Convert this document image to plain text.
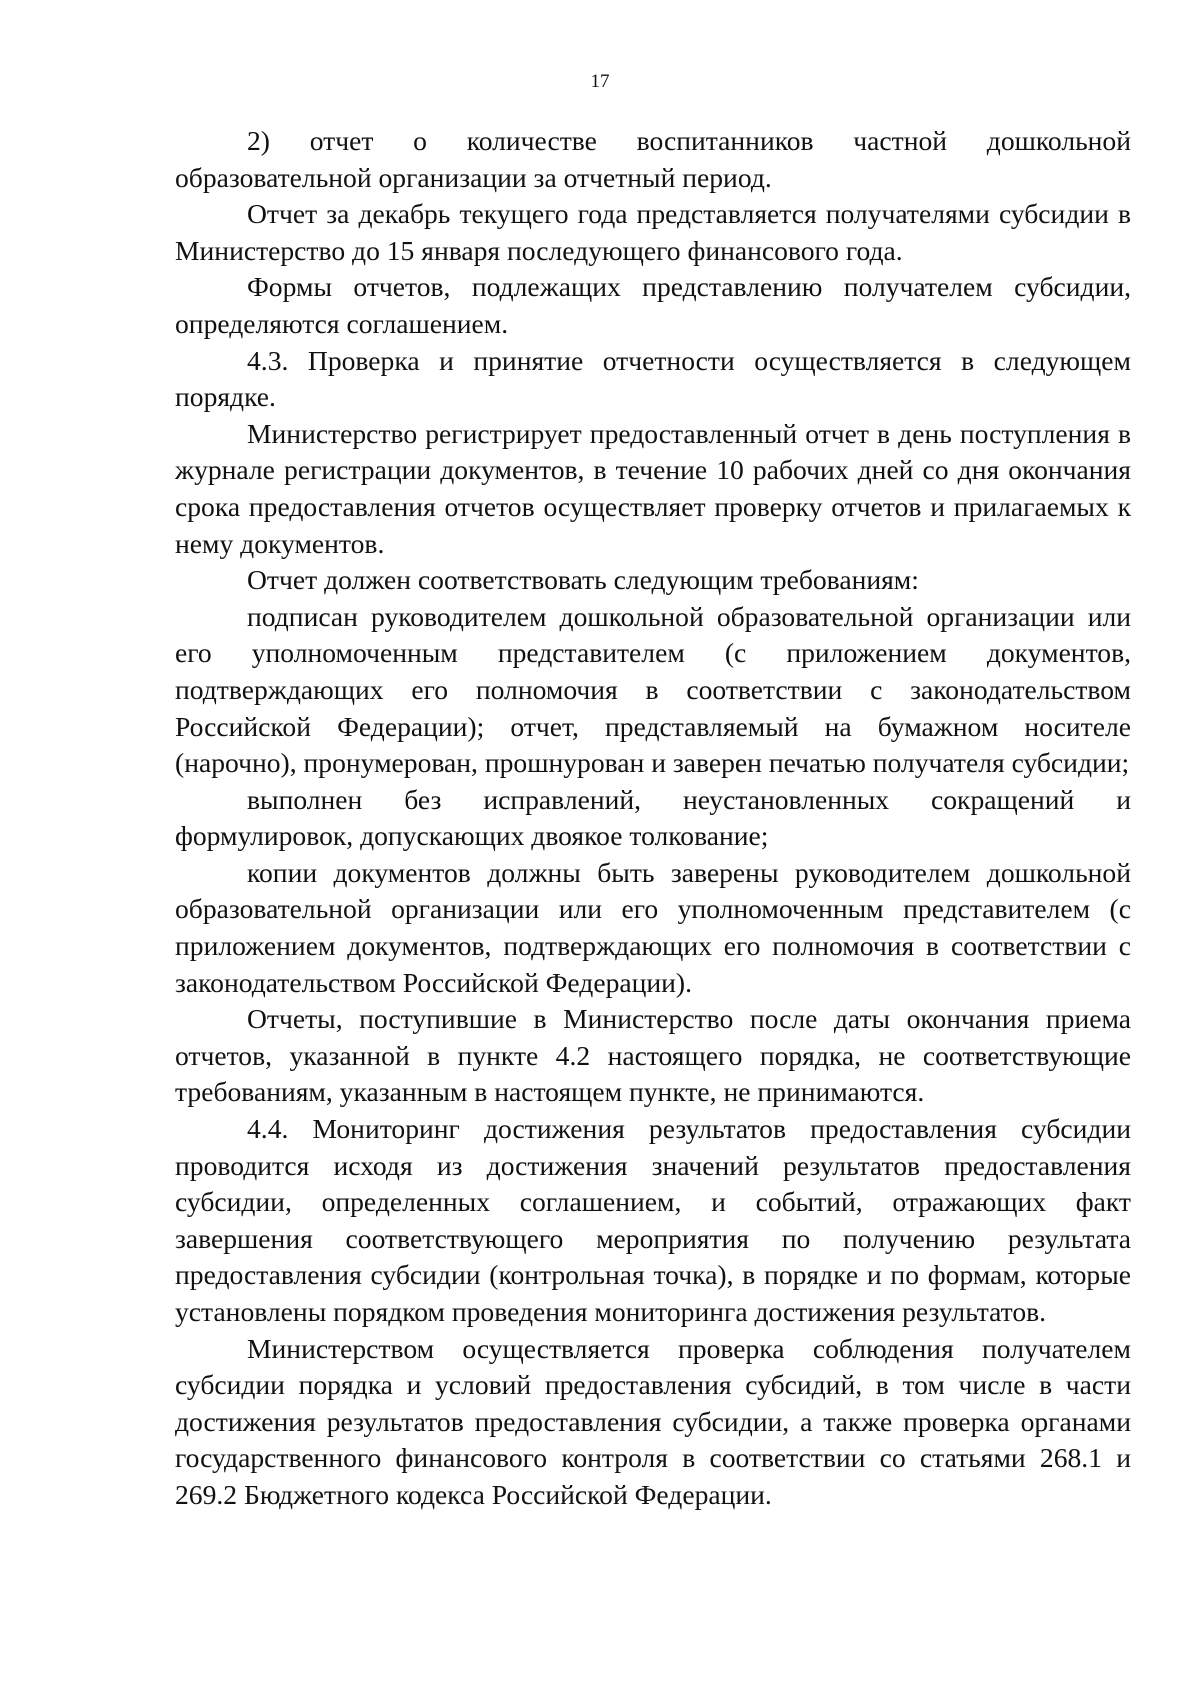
17

2) отчет о количестве воспитанников частной дошкольной образовательной организации за отчетный период.

Отчет за декабрь текущего года представляется получателями субсидии в Министерство до 15 января последующего финансового года.

Формы отчетов, подлежащих представлению получателем субсидии, определяются соглашением.

4.3. Проверка и принятие отчетности осуществляется в следующем порядке.

Министерство регистрирует предоставленный отчет в день поступления в журнале регистрации документов, в течение 10 рабочих дней со дня окончания срока предоставления отчетов осуществляет проверку отчетов и прилагаемых к нему документов.

Отчет должен соответствовать следующим требованиям:

подписан руководителем дошкольной образовательной организации или его уполномоченным представителем (с приложением документов, подтверждающих его полномочия в соответствии с законодательством Российской Федерации); отчет, представляемый на бумажном носителе (нарочно), пронумерован, прошнурован и заверен печатью получателя субсидии;

выполнен без исправлений, неустановленных сокращений и формулировок, допускающих двоякое толкование;

копии документов должны быть заверены руководителем дошкольной образовательной организации или его уполномоченным представителем (с приложением документов, подтверждающих его полномочия в соответствии с законодательством Российской Федерации).

Отчеты, поступившие в Министерство после даты окончания приема отчетов, указанной в пункте 4.2 настоящего порядка, не соответствующие требованиям, указанным в настоящем пункте, не принимаются.

4.4. Мониторинг достижения результатов предоставления субсидии проводится исходя из достижения значений результатов предоставления субсидии, определенных соглашением, и событий, отражающих факт завершения соответствующего мероприятия по получению результата предоставления субсидии (контрольная точка), в порядке и по формам, которые установлены порядком проведения мониторинга достижения результатов.

Министерством осуществляется проверка соблюдения получателем субсидии порядка и условий предоставления субсидий, в том числе в части достижения результатов предоставления субсидии, а также проверка органами государственного финансового контроля в соответствии со статьями 268.1 и 269.2 Бюджетного кодекса Российской Федерации.
